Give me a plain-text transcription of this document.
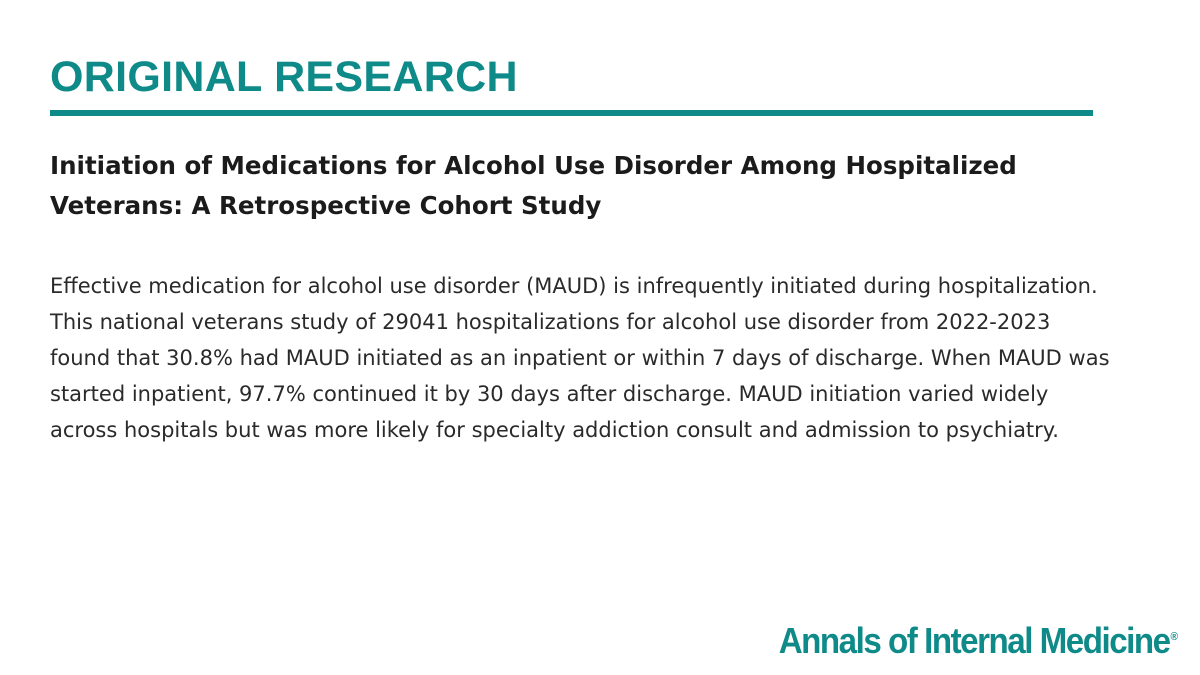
ORIGINAL RESEARCH
Initiation of Medications for Alcohol Use Disorder Among Hospitalized Veterans: A Retrospective Cohort Study

Effective medication for alcohol use disorder (MAUD) is infrequently initiated during hospitalization. This national veterans study of 29041 hospitalizations for alcohol use disorder from 2022-2023 found that 30.8% had MAUD initiated as an inpatient or within 7 days of discharge. When MAUD was started inpatient, 97.7% continued it by 30 days after discharge. MAUD initiation varied widely across hospitals but was more likely for specialty addiction consult and admission to psychiatry.

Annals of Internal Medicine®
